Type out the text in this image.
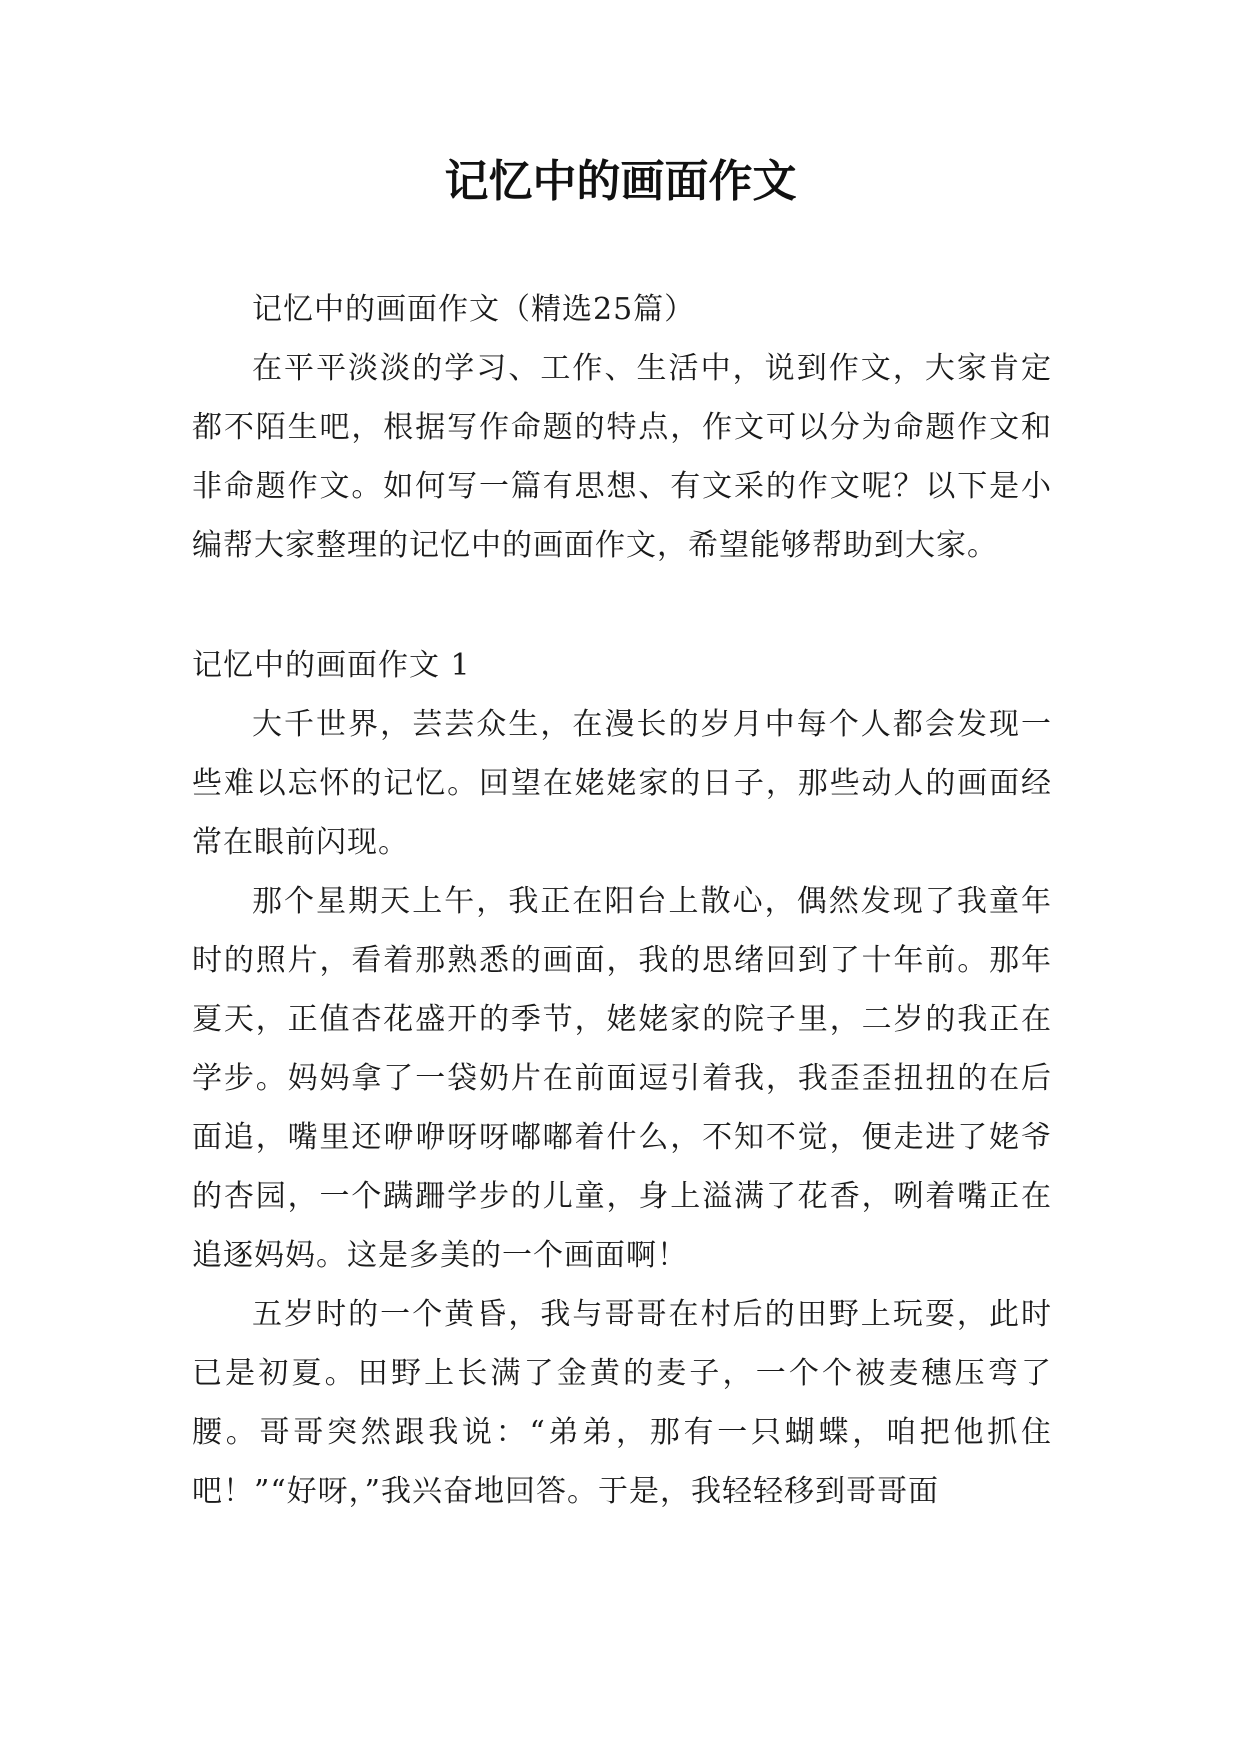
记忆中的画面作文

记忆中的画面作文（精选25篇）

在平平淡淡的学习、工作、生活中，说到作文，大家肯定都不陌生吧，根据写作命题的特点，作文可以分为命题作文和非命题作文。如何写一篇有思想、有文采的作文呢？以下是小编帮大家整理的记忆中的画面作文，希望能够帮助到大家。

记忆中的画面作文 1

大千世界，芸芸众生，在漫长的岁月中每个人都会发现一些难以忘怀的记忆。回望在姥姥家的日子，那些动人的画面经常在眼前闪现。

那个星期天上午，我正在阳台上散心，偶然发现了我童年时的照片，看着那熟悉的画面，我的思绪回到了十年前。那年夏天，正值杏花盛开的季节，姥姥家的院子里，二岁的我正在学步。妈妈拿了一袋奶片在前面逗引着我，我歪歪扭扭的在后面追，嘴里还咿咿呀呀嘟嘟着什么，不知不觉，便走进了姥爷的杏园，一个蹒跚学步的儿童，身上溢满了花香，咧着嘴正在追逐妈妈。这是多美的一个画面啊！

五岁时的一个黄昏，我与哥哥在村后的田野上玩耍，此时已是初夏。田野上长满了金黄的麦子，一个个被麦穗压弯了腰。哥哥突然跟我说：“弟弟，那有一只蝴蝶，咱把他抓住吧！”“好呀，”我兴奋地回答。于是，我轻轻移到哥哥面
